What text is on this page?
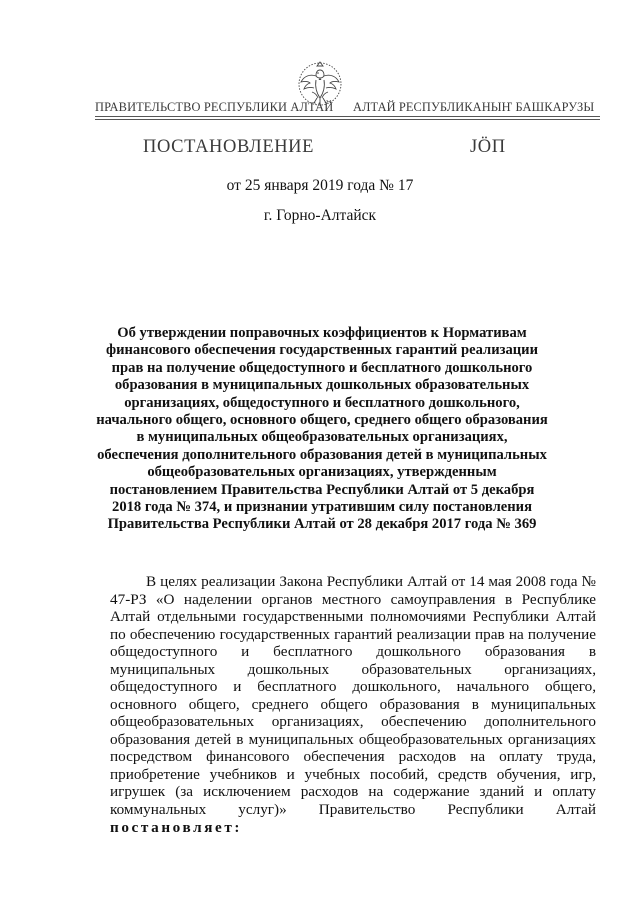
ПРАВИТЕЛЬСТВО РЕСПУБЛИКИ АЛТАЙ АЛТАЙ РЕСПУБЛИКАНЫҤ БАШКАРУЗЫ
ПОСТАНОВЛЕНИЕ	JӦП
от 25 января 2019 года № 17
г. Горно-Алтайск

Об утверждении поправочных коэффициентов к Нормативам финансового обеспечения государственных гарантий реализации прав на получение общедоступного и бесплатного дошкольного образования в муниципальных дошкольных образовательных организациях, общедоступного и бесплатного дошкольного, начального общего, основного общего, среднего общего образования в муниципальных общеобразовательных организациях, обеспечения дополнительного образования детей в муниципальных общеобразовательных организациях, утвержденным постановлением Правительства Республики Алтай от 5 декабря 2018 года № 374, и признании утратившим силу постановления Правительства Республики Алтай от 28 декабря 2017 года № 369

В целях реализации Закона Республики Алтай от 14 мая 2008 года № 47-РЗ «О наделении органов местного самоуправления в Республике Алтай отдельными государственными полномочиями Республики Алтай по обеспечению государственных гарантий реализации прав на получение общедоступного и бесплатного дошкольного образования в муниципальных дошкольных образовательных организациях, общедоступного и бесплатного дошкольного, начального общего, основного общего, среднего общего образования в муниципальных общеобразовательных организациях, обеспечению дополнительного образования детей в муниципальных общеобразовательных организациях посредством финансового обеспечения расходов на оплату труда, приобретение учебников и учебных пособий, средств обучения, игр, игрушек (за исключением расходов на содержание зданий и оплату коммунальных услуг)» Правительство Республики Алтай

постановляет:
